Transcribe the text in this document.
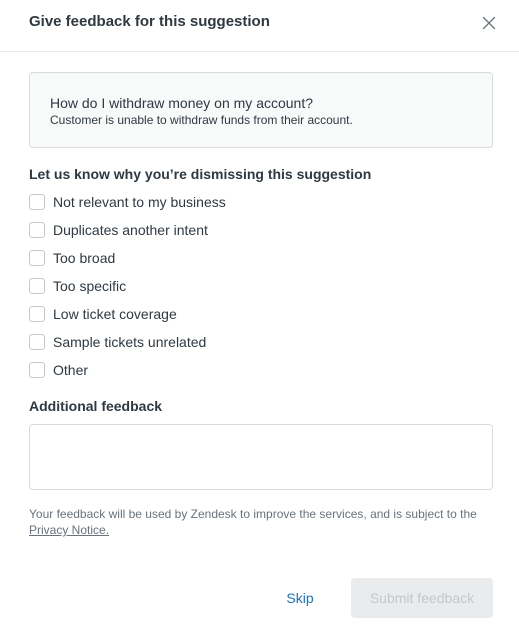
Give feedback for this suggestion
How do I withdraw money on my account?
Customer is unable to withdraw funds from their account.
Let us know why you’re dismissing this suggestion
Not relevant to my business
Duplicates another intent
Too broad
Too specific
Low ticket coverage
Sample tickets unrelated
Other
Additional feedback
Your feedback will be used by Zendesk to improve the services, and is subject to the Privacy Notice.
Skip	Submit feedback
